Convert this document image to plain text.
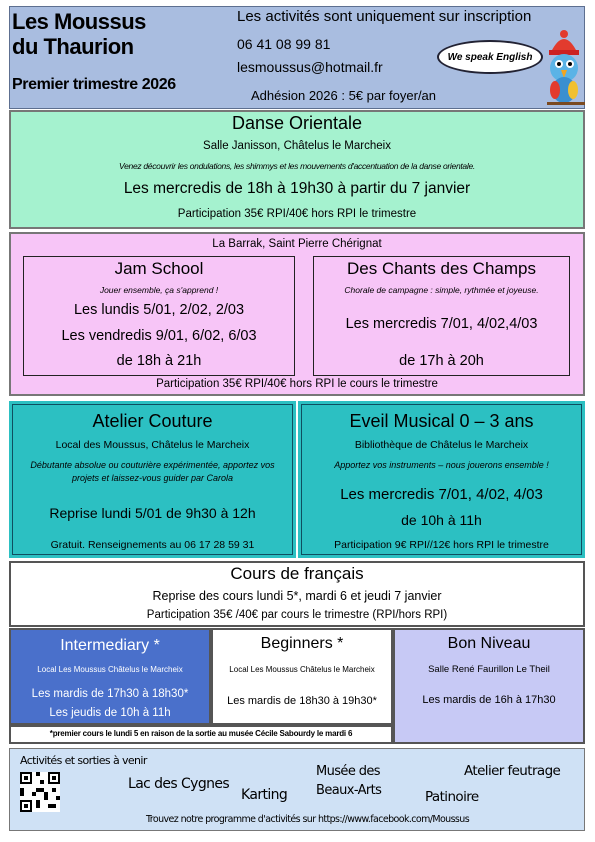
Les Moussus
du Thaurion
Premier trimestre 2026
Les activités sont uniquement sur inscription
06 41 08 99 81
lesmoussus@hotmail.fr
Adhésion 2026 : 5€ par foyer/an
We speak English
Danse Orientale
Salle Janisson, Châtelus le Marcheix
Venez découvrir les ondulations, les shimmys et les mouvements d'accentuation de la danse orientale.
Les mercredis de 18h à 19h30 à partir du 7 janvier
Participation 35€ RPI/40€ hors RPI le trimestre
La Barrak, Saint Pierre Chérignat
Jam School
Jouer ensemble, ça s'apprend !
Les lundis 5/01, 2/02, 2/03
Les vendredis 9/01, 6/02, 6/03
de 18h à 21h
Des Chants des Champs
Chorale de campagne : simple, rythmée et joyeuse.
Les mercredis 7/01, 4/02,4/03
de 17h à 20h
Participation 35€ RPI/40€ hors RPI le cours le trimestre
Atelier Couture
Local des Moussus, Châtelus le Marcheix
Débutante absolue ou couturière expérimentée, apportez vos projets et laissez-vous guider par Carola
Reprise lundi 5/01 de 9h30 à 12h
Gratuit. Renseignements au 06 17 28 59 31
Eveil Musical 0 – 3 ans
Bibliothèque de Châtelus le Marcheix
Apportez vos instruments – nous jouerons ensemble !
Les mercredis 7/01, 4/02, 4/03
de 10h à 11h
Participation 9€ RPI//12€ hors RPI le trimestre
Cours de français
Reprise des cours lundi 5*, mardi 6 et jeudi 7 janvier
Participation 35€ /40€ par cours le trimestre (RPI/hors RPI)
Intermediary *
Local Les Moussus Châtelus le Marcheix
Les mardis de 17h30 à 18h30*
Les jeudis de 10h à 11h
Beginners *
Local Les Moussus Châtelus le Marcheix
Les mardis de 18h30 à 19h30*
Bon Niveau
Salle René Faurillon Le Theil
Les mardis de 16h à 17h30
*premier cours le lundi 5 en raison de la sortie au musée Cécile Sabourdy le mardi 6
Activités et sorties à venir
Lac des Cygnes
Karting
Musée des
Beaux-Arts
Atelier feutrage
Patinoire
Trouvez notre programme d'activités sur https://www.facebook.com/Moussus
